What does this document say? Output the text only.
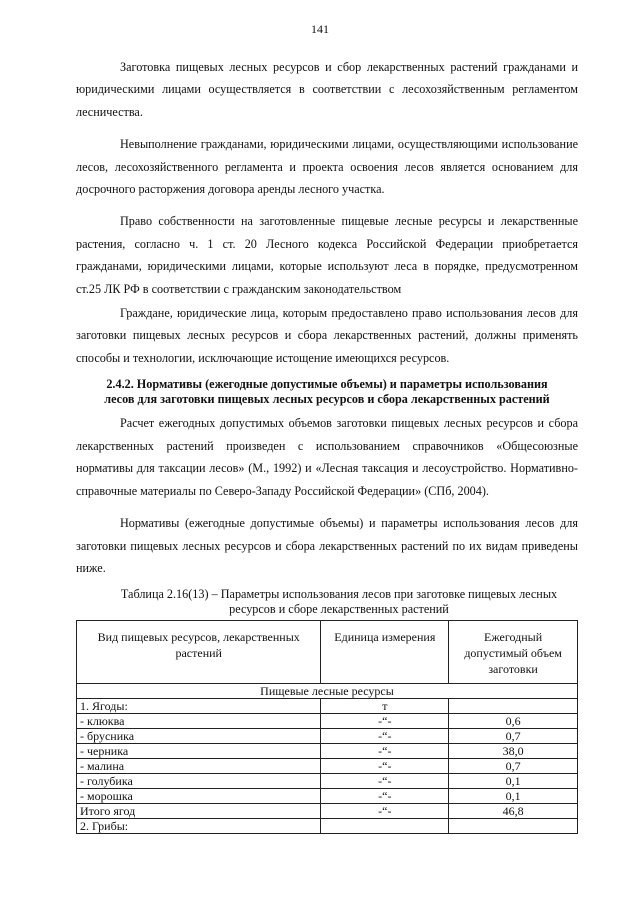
141

Заготовка пищевых лесных ресурсов и сбор лекарственных растений гражданами и юридическими лицами осуществляется в соответствии с лесохозяйственным регламентом лесничества.

Невыполнение гражданами, юридическими лицами, осуществляющими использование лесов, лесохозяйственного регламента и проекта освоения лесов является основанием для досрочного расторжения договора аренды лесного участка.

Право собственности на заготовленные пищевые лесные ресурсы и лекарственные растения, согласно ч. 1 ст. 20 Лесного кодекса Российской Федерации приобретается гражданами, юридическими лицами, которые используют леса в порядке, предусмотренном ст.25 ЛК РФ в соответствии с гражданским законодательством

Граждане, юридические лица, которым предоставлено право использования лесов для заготовки пищевых лесных ресурсов и сбора лекарственных растений, должны применять способы и технологии, исключающие истощение имеющихся ресурсов.

2.4.2. Нормативы (ежегодные допустимые объемы) и параметры использования лесов для заготовки пищевых лесных ресурсов и сбора лекарственных растений

Расчет ежегодных допустимых объемов заготовки пищевых лесных ресурсов и сбора лекарственных растений произведен с использованием справочников «Общесоюзные нормативы для таксации лесов» (М., 1992) и «Лесная таксация и лесоустройство. Нормативно-справочные материалы по Северо-Западу Российской Федерации» (СПб, 2004).

Нормативы (ежегодные допустимые объемы) и параметры использования лесов для заготовки пищевых лесных ресурсов и сбора лекарственных растений по их видам приведены ниже.

Таблица 2.16(13) – Параметры использования лесов при заготовке пищевых лесных ресурсов и сборе лекарственных растений
Вид пищевых ресурсов, лекарственных растений	Единица измерения	Ежегодный допустимый объем заготовки
Пищевые лесные ресурсы		
1. Ягоды:	т	
- клюква	-“-	0,6
- брусника	-“-	0,7
- черника	-“-	38,0
- малина	-“-	0,7
- голубика	-“-	0,1
- морошка	-“-	0,1
Итого ягод	-“-	46,8
2. Грибы:		
